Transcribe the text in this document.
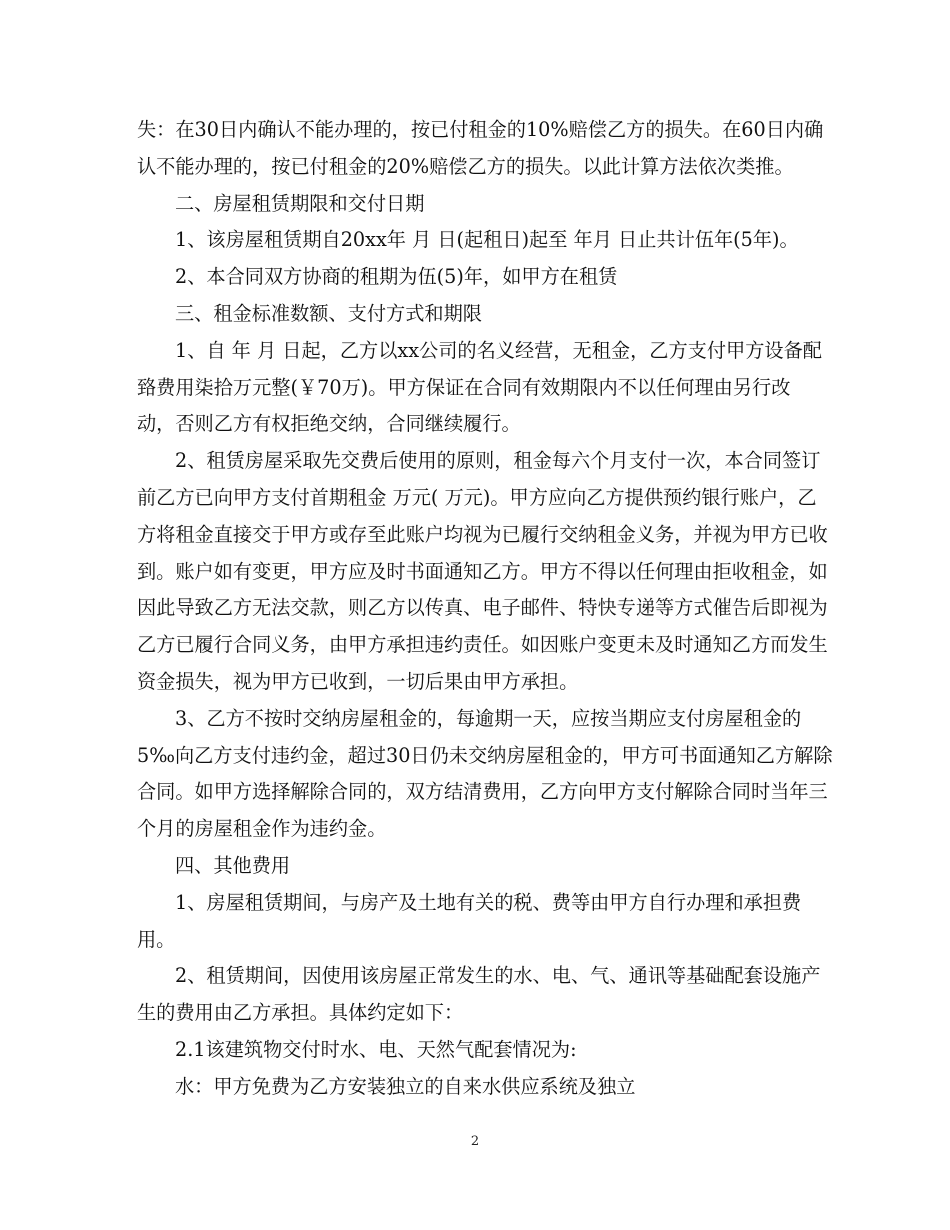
失：在30日内确认不能办理的，按已付租金的10%赔偿乙方的损失。在60日内确
认不能办理的，按已付租金的20%赔偿乙方的损失。以此计算方法依次类推。
二、房屋租赁期限和交付日期
1、该房屋租赁期自20xx年 月 日(起租日)起至 年月 日止共计伍年(5年)。
2、本合同双方协商的租期为伍(5)年，如甲方在租赁
三、租金标准数额、支付方式和期限
1、自 年 月 日起，乙方以xx公司的名义经营，无租金，乙方支付甲方设备配
臵费用柒拾万元整(￥70万)。甲方保证在合同有效期限内不以任何理由另行改
动，否则乙方有权拒绝交纳，合同继续履行。
2、租赁房屋采取先交费后使用的原则，租金每六个月支付一次，本合同签订
前乙方已向甲方支付首期租金 万元( 万元)。甲方应向乙方提供预约银行账户，乙
方将租金直接交于甲方或存至此账户均视为已履行交纳租金义务，并视为甲方已收
到。账户如有变更，甲方应及时书面通知乙方。甲方不得以任何理由拒收租金，如
因此导致乙方无法交款，则乙方以传真、电子邮件、特快专递等方式催告后即视为
乙方已履行合同义务，由甲方承担违约责任。如因账户变更未及时通知乙方而发生
资金损失，视为甲方已收到，一切后果由甲方承担。
3、乙方不按时交纳房屋租金的，每逾期一天，应按当期应支付房屋租金的
5‰向乙方支付违约金，超过30日仍未交纳房屋租金的，甲方可书面通知乙方解除
合同。如甲方选择解除合同的，双方结清费用，乙方向甲方支付解除合同时当年三
个月的房屋租金作为违约金。
四、其他费用
1、房屋租赁期间，与房产及土地有关的税、费等由甲方自行办理和承担费
用。
2、租赁期间，因使用该房屋正常发生的水、电、气、通讯等基础配套设施产
生的费用由乙方承担。具体约定如下：
2.1该建筑物交付时水、电、天然气配套情况为:
水：甲方免费为乙方安装独立的自来水供应系统及独立
2
